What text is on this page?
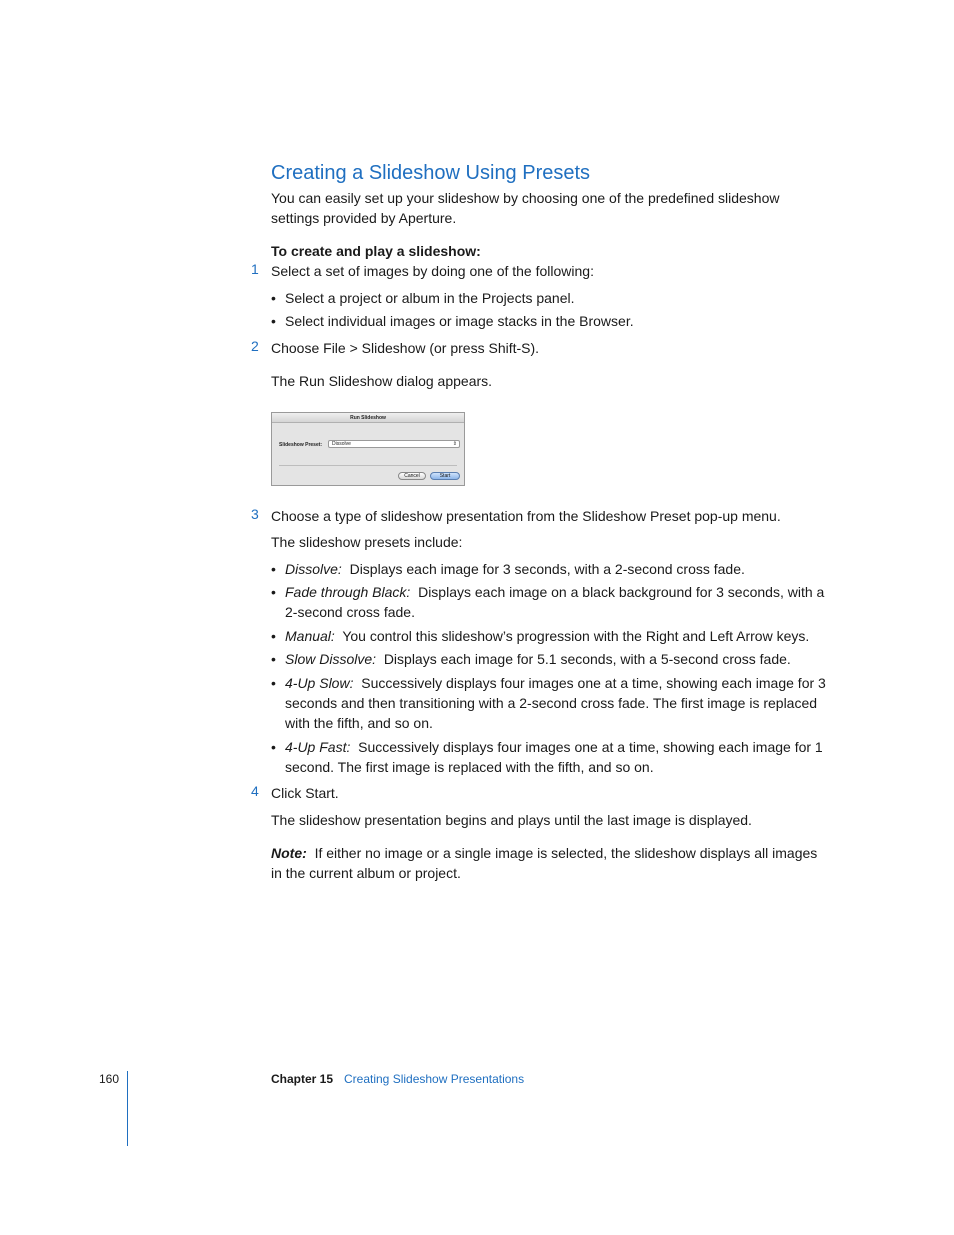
Creating a Slideshow Using Presets
You can easily set up your slideshow by choosing one of the predefined slideshow settings provided by Aperture.
To create and play a slideshow:
1 Select a set of images by doing one of the following:
• Select a project or album in the Projects panel.
• Select individual images or image stacks in the Browser.
2 Choose File > Slideshow (or press Shift-S).
The Run Slideshow dialog appears.
Run Slideshow
Slideshow Preset:	Dissolve	⇕
Cancel	Start
3 Choose a type of slideshow presentation from the Slideshow Preset pop-up menu.
The slideshow presets include:
• Dissolve: Displays each image for 3 seconds, with a 2-second cross fade.
• Fade through Black: Displays each image on a black background for 3 seconds, with a 2-second cross fade.
• Manual: You control this slideshow’s progression with the Right and Left Arrow keys.
• Slow Dissolve: Displays each image for 5.1 seconds, with a 5-second cross fade.
• 4-Up Slow: Successively displays four images one at a time, showing each image for 3 seconds and then transitioning with a 2-second cross fade. The first image is replaced with the fifth, and so on.
• 4-Up Fast: Successively displays four images one at a time, showing each image for 1 second. The first image is replaced with the fifth, and so on.
4 Click Start.
The slideshow presentation begins and plays until the last image is displayed.
Note: If either no image or a single image is selected, the slideshow displays all images in the current album or project.
160	Chapter 15 Creating Slideshow Presentations
